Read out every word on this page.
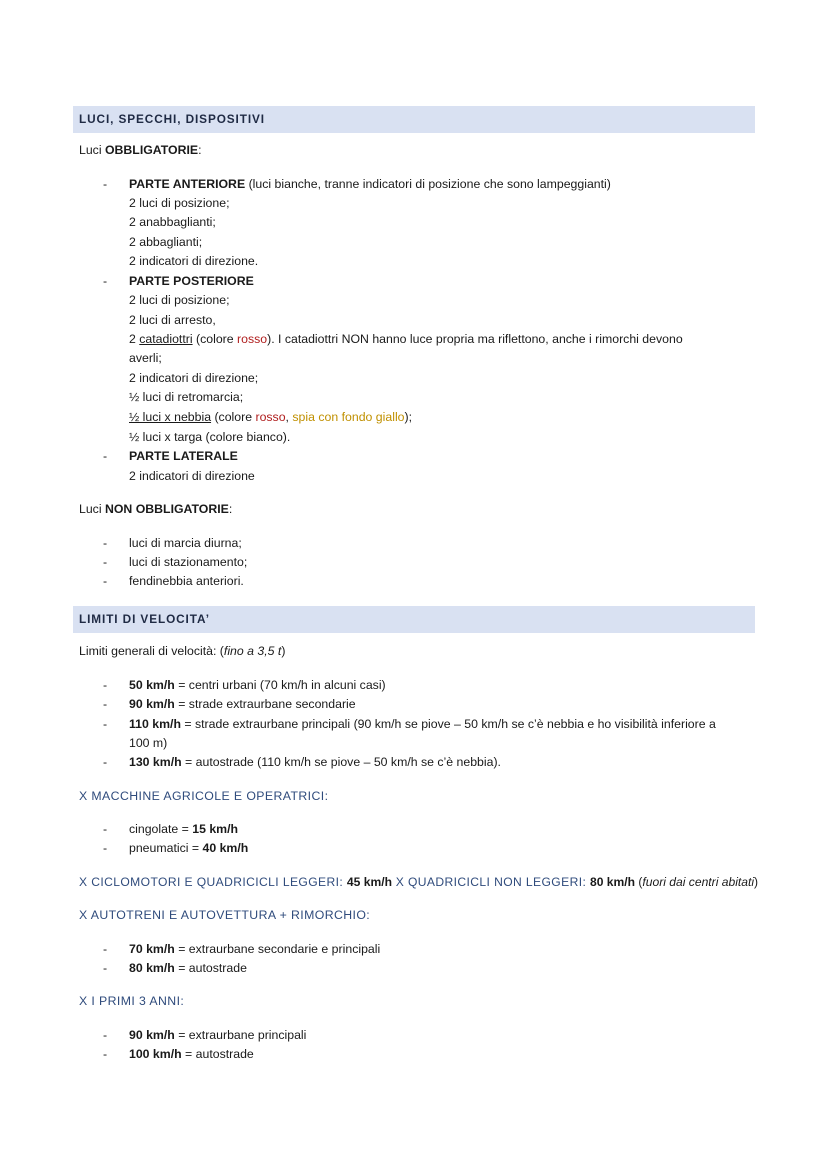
LUCI, SPECCHI, DISPOSITIVI
Luci OBBLIGATORIE:
- PARTE ANTERIORE (luci bianche, tranne indicatori di posizione che sono lampeggianti)
2 luci di posizione;
2 anabbaglianti;
2 abbaglianti;
2 indicatori di direzione.
- PARTE POSTERIORE
2 luci di posizione;
2 luci di arresto,
2 catadiottri (colore rosso). I catadiottri NON hanno luce propria ma riflettono, anche i rimorchi devono
averli;
2 indicatori di direzione;
½ luci di retromarcia;
½ luci x nebbia (colore rosso, spia con fondo giallo);
½ luci x targa (colore bianco).
- PARTE LATERALE
2 indicatori di direzione
Luci NON OBBLIGATORIE:
- luci di marcia diurna;
- luci di stazionamento;
- fendinebbia anteriori.
LIMITI DI VELOCITA’
Limiti generali di velocità: (fino a 3,5 t)
- 50 km/h = centri urbani (70 km/h in alcuni casi)
- 90 km/h = strade extraurbane secondarie
- 110 km/h = strade extraurbane principali (90 km/h se piove – 50 km/h se c’è nebbia e ho visibilità inferiore a
100 m)
- 130 km/h = autostrade (110 km/h se piove – 50 km/h se c’è nebbia).
X MACCHINE AGRICOLE E OPERATRICI:
- cingolate = 15 km/h
- pneumatici = 40 km/h
X CICLOMOTORI E QUADRICICLI LEGGERI: 45 km/h X QUADRICICLI NON LEGGERI: 80 km/h (fuori dai centri abitati)
X AUTOTRENI E AUTOVETTURA + RIMORCHIO:
- 70 km/h = extraurbane secondarie e principali
- 80 km/h = autostrade
X I PRIMI 3 ANNI:
- 90 km/h = extraurbane principali
- 100 km/h = autostrade
